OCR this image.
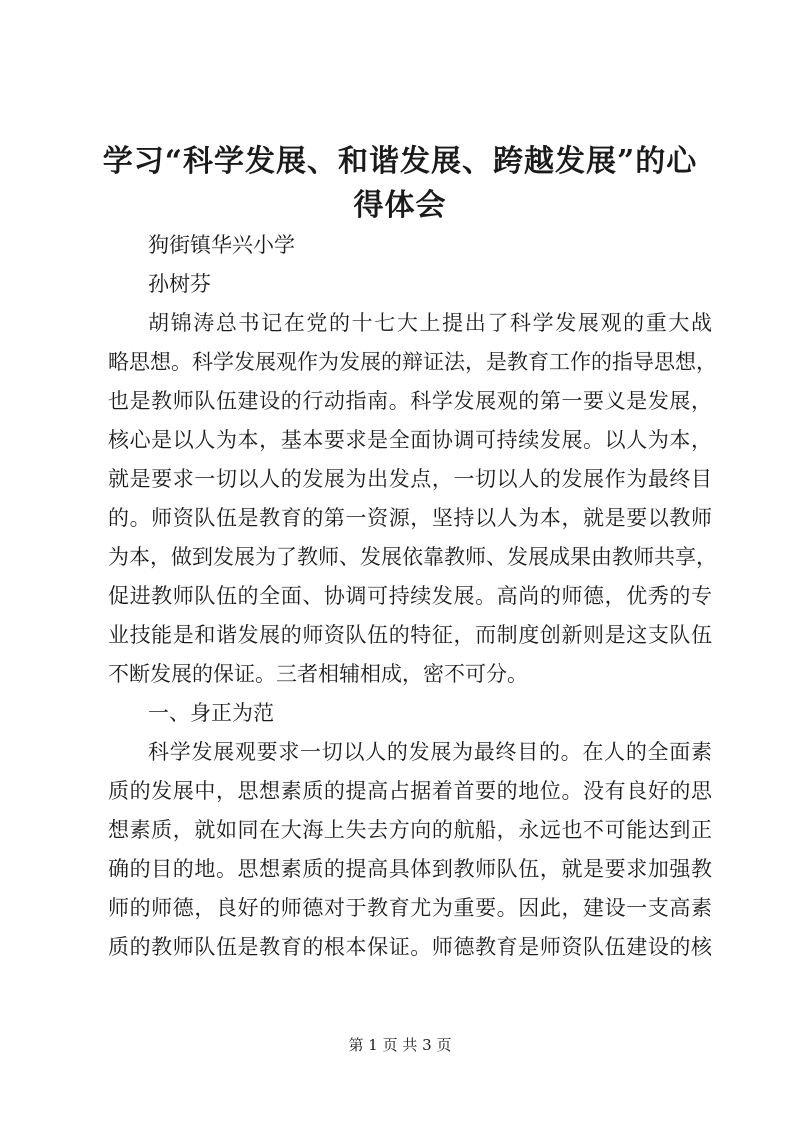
学习“科学发展、和谐发展、跨越发展”的心
得体会
狗街镇华兴小学
孙树芬
胡锦涛总书记在党的十七大上提出了科学发展观的重大战
略思想。科学发展观作为发展的辩证法，是教育工作的指导思想，
也是教师队伍建设的行动指南。科学发展观的第一要义是发展，
核心是以人为本，基本要求是全面协调可持续发展。以人为本，
就是要求一切以人的发展为出发点，一切以人的发展作为最终目
的。师资队伍是教育的第一资源，坚持以人为本，就是要以教师
为本，做到发展为了教师、发展依靠教师、发展成果由教师共享，
促进教师队伍的全面、协调可持续发展。高尚的师德，优秀的专
业技能是和谐发展的师资队伍的特征，而制度创新则是这支队伍
不断发展的保证。三者相辅相成，密不可分。
一、身正为范
科学发展观要求一切以人的发展为最终目的。在人的全面素
质的发展中，思想素质的提高占据着首要的地位。没有良好的思
想素质，就如同在大海上失去方向的航船，永远也不可能达到正
确的目的地。思想素质的提高具体到教师队伍，就是要求加强教
师的师德，良好的师德对于教育尤为重要。因此，建设一支高素
质的教师队伍是教育的根本保证。师德教育是师资队伍建设的核
第 1 页 共 3 页
